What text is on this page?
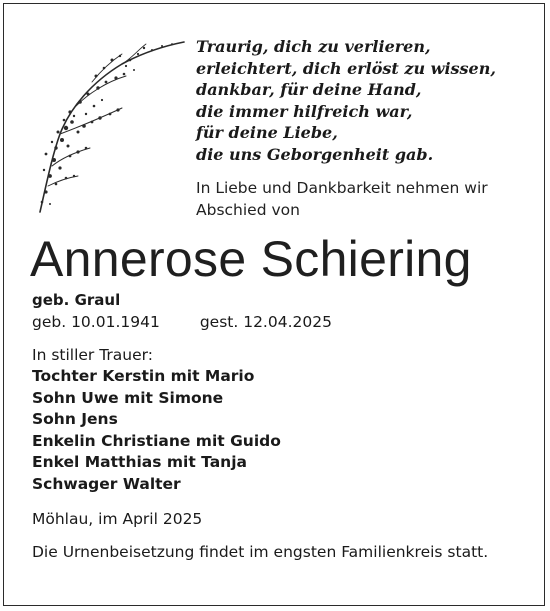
Traurig, dich zu verlieren,
erleichtert, dich erlöst zu wissen,
dankbar, für deine Hand,
die immer hilfreich war,
für deine Liebe,
die uns Geborgenheit gab.
In Liebe und Dankbarkeit nehmen wir Abschied von
Annerose Schiering
geb. Graul
geb. 10.01.1941	gest. 12.04.2025
In stiller Trauer:
Tochter Kerstin mit Mario
Sohn Uwe mit Simone
Sohn Jens
Enkelin Christiane mit Guido
Enkel Matthias mit Tanja
Schwager Walter
Möhlau, im April 2025
Die Urnenbeisetzung findet im engsten Familienkreis statt.
